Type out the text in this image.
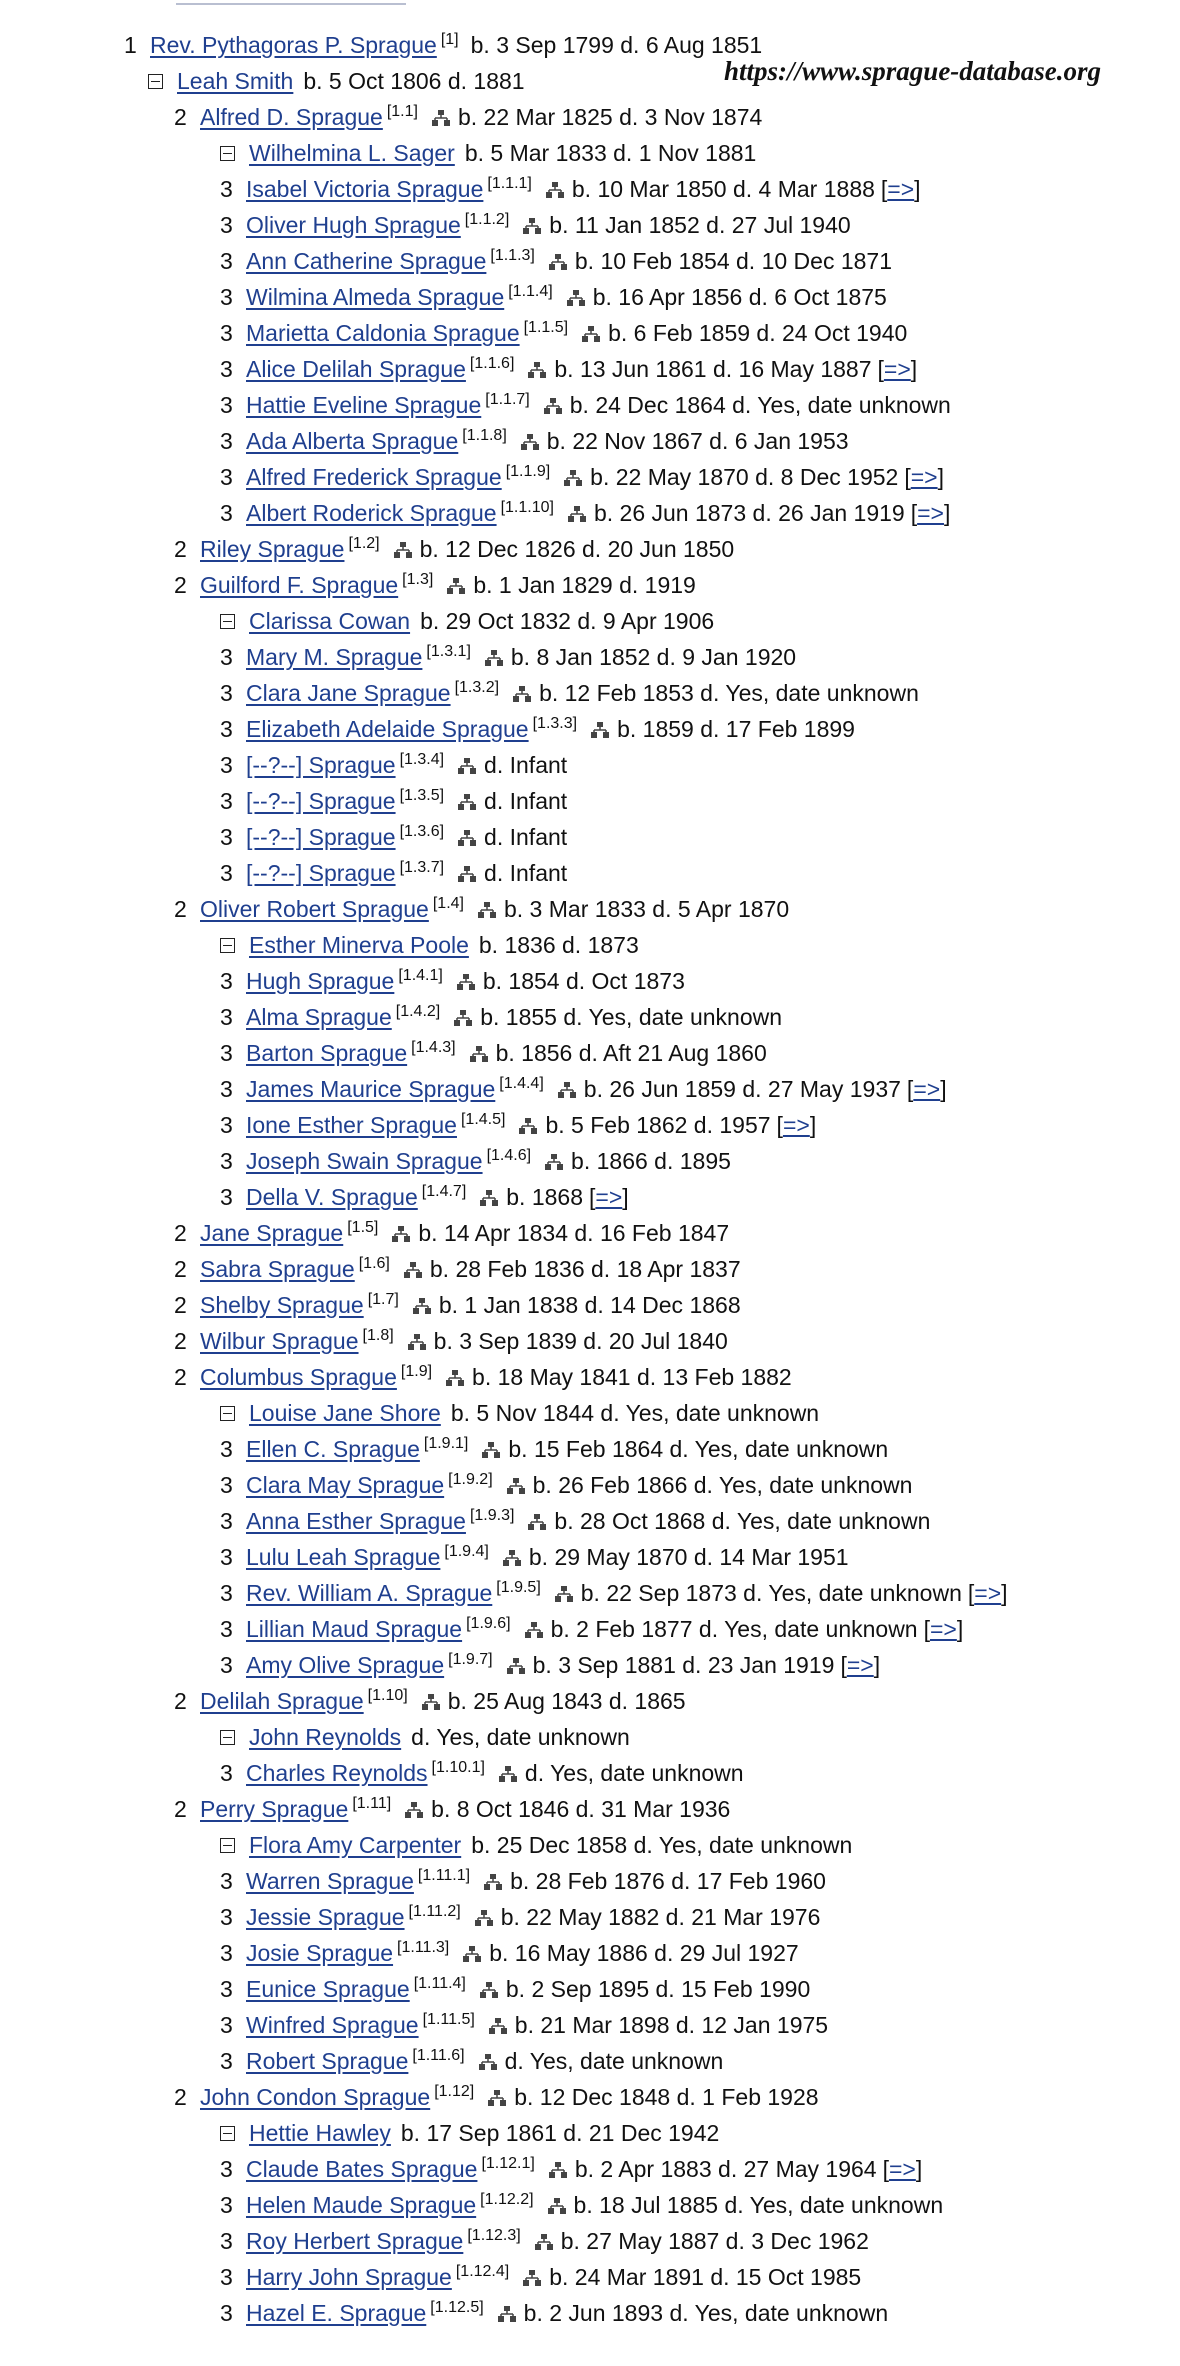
https://www.sprague-database.org
1 Rev. Pythagoras P. Sprague [1] b. 3 Sep 1799 d. 6 Aug 1851
Leah Smith b. 5 Oct 1806 d. 1881
2 Alfred D. Sprague [1.1] b. 22 Mar 1825 d. 3 Nov 1874
Wilhelmina L. Sager b. 5 Mar 1833 d. 1 Nov 1881
3 Isabel Victoria Sprague [1.1.1] b. 10 Mar 1850 d. 4 Mar 1888 [=>]
3 Oliver Hugh Sprague [1.1.2] b. 11 Jan 1852 d. 27 Jul 1940
3 Ann Catherine Sprague [1.1.3] b. 10 Feb 1854 d. 10 Dec 1871
3 Wilmina Almeda Sprague [1.1.4] b. 16 Apr 1856 d. 6 Oct 1875
3 Marietta Caldonia Sprague [1.1.5] b. 6 Feb 1859 d. 24 Oct 1940
3 Alice Delilah Sprague [1.1.6] b. 13 Jun 1861 d. 16 May 1887 [=>]
3 Hattie Eveline Sprague [1.1.7] b. 24 Dec 1864 d. Yes, date unknown
3 Ada Alberta Sprague [1.1.8] b. 22 Nov 1867 d. 6 Jan 1953
3 Alfred Frederick Sprague [1.1.9] b. 22 May 1870 d. 8 Dec 1952 [=>]
3 Albert Roderick Sprague [1.1.10] b. 26 Jun 1873 d. 26 Jan 1919 [=>]
2 Riley Sprague [1.2] b. 12 Dec 1826 d. 20 Jun 1850
2 Guilford F. Sprague [1.3] b. 1 Jan 1829 d. 1919
Clarissa Cowan b. 29 Oct 1832 d. 9 Apr 1906
3 Mary M. Sprague [1.3.1] b. 8 Jan 1852 d. 9 Jan 1920
3 Clara Jane Sprague [1.3.2] b. 12 Feb 1853 d. Yes, date unknown
3 Elizabeth Adelaide Sprague [1.3.3] b. 1859 d. 17 Feb 1899
3 [--?--] Sprague [1.3.4] d. Infant
3 [--?--] Sprague [1.3.5] d. Infant
3 [--?--] Sprague [1.3.6] d. Infant
3 [--?--] Sprague [1.3.7] d. Infant
2 Oliver Robert Sprague [1.4] b. 3 Mar 1833 d. 5 Apr 1870
Esther Minerva Poole b. 1836 d. 1873
3 Hugh Sprague [1.4.1] b. 1854 d. Oct 1873
3 Alma Sprague [1.4.2] b. 1855 d. Yes, date unknown
3 Barton Sprague [1.4.3] b. 1856 d. Aft 21 Aug 1860
3 James Maurice Sprague [1.4.4] b. 26 Jun 1859 d. 27 May 1937 [=>]
3 Ione Esther Sprague [1.4.5] b. 5 Feb 1862 d. 1957 [=>]
3 Joseph Swain Sprague [1.4.6] b. 1866 d. 1895
3 Della V. Sprague [1.4.7] b. 1868 [=>]
2 Jane Sprague [1.5] b. 14 Apr 1834 d. 16 Feb 1847
2 Sabra Sprague [1.6] b. 28 Feb 1836 d. 18 Apr 1837
2 Shelby Sprague [1.7] b. 1 Jan 1838 d. 14 Dec 1868
2 Wilbur Sprague [1.8] b. 3 Sep 1839 d. 20 Jul 1840
2 Columbus Sprague [1.9] b. 18 May 1841 d. 13 Feb 1882
Louise Jane Shore b. 5 Nov 1844 d. Yes, date unknown
3 Ellen C. Sprague [1.9.1] b. 15 Feb 1864 d. Yes, date unknown
3 Clara May Sprague [1.9.2] b. 26 Feb 1866 d. Yes, date unknown
3 Anna Esther Sprague [1.9.3] b. 28 Oct 1868 d. Yes, date unknown
3 Lulu Leah Sprague [1.9.4] b. 29 May 1870 d. 14 Mar 1951
3 Rev. William A. Sprague [1.9.5] b. 22 Sep 1873 d. Yes, date unknown [=>]
3 Lillian Maud Sprague [1.9.6] b. 2 Feb 1877 d. Yes, date unknown [=>]
3 Amy Olive Sprague [1.9.7] b. 3 Sep 1881 d. 23 Jan 1919 [=>]
2 Delilah Sprague [1.10] b. 25 Aug 1843 d. 1865
John Reynolds d. Yes, date unknown
3 Charles Reynolds [1.10.1] d. Yes, date unknown
2 Perry Sprague [1.11] b. 8 Oct 1846 d. 31 Mar 1936
Flora Amy Carpenter b. 25 Dec 1858 d. Yes, date unknown
3 Warren Sprague [1.11.1] b. 28 Feb 1876 d. 17 Feb 1960
3 Jessie Sprague [1.11.2] b. 22 May 1882 d. 21 Mar 1976
3 Josie Sprague [1.11.3] b. 16 May 1886 d. 29 Jul 1927
3 Eunice Sprague [1.11.4] b. 2 Sep 1895 d. 15 Feb 1990
3 Winfred Sprague [1.11.5] b. 21 Mar 1898 d. 12 Jan 1975
3 Robert Sprague [1.11.6] d. Yes, date unknown
2 John Condon Sprague [1.12] b. 12 Dec 1848 d. 1 Feb 1928
Hettie Hawley b. 17 Sep 1861 d. 21 Dec 1942
3 Claude Bates Sprague [1.12.1] b. 2 Apr 1883 d. 27 May 1964 [=>]
3 Helen Maude Sprague [1.12.2] b. 18 Jul 1885 d. Yes, date unknown
3 Roy Herbert Sprague [1.12.3] b. 27 May 1887 d. 3 Dec 1962
3 Harry John Sprague [1.12.4] b. 24 Mar 1891 d. 15 Oct 1985
3 Hazel E. Sprague [1.12.5] b. 2 Jun 1893 d. Yes, date unknown
